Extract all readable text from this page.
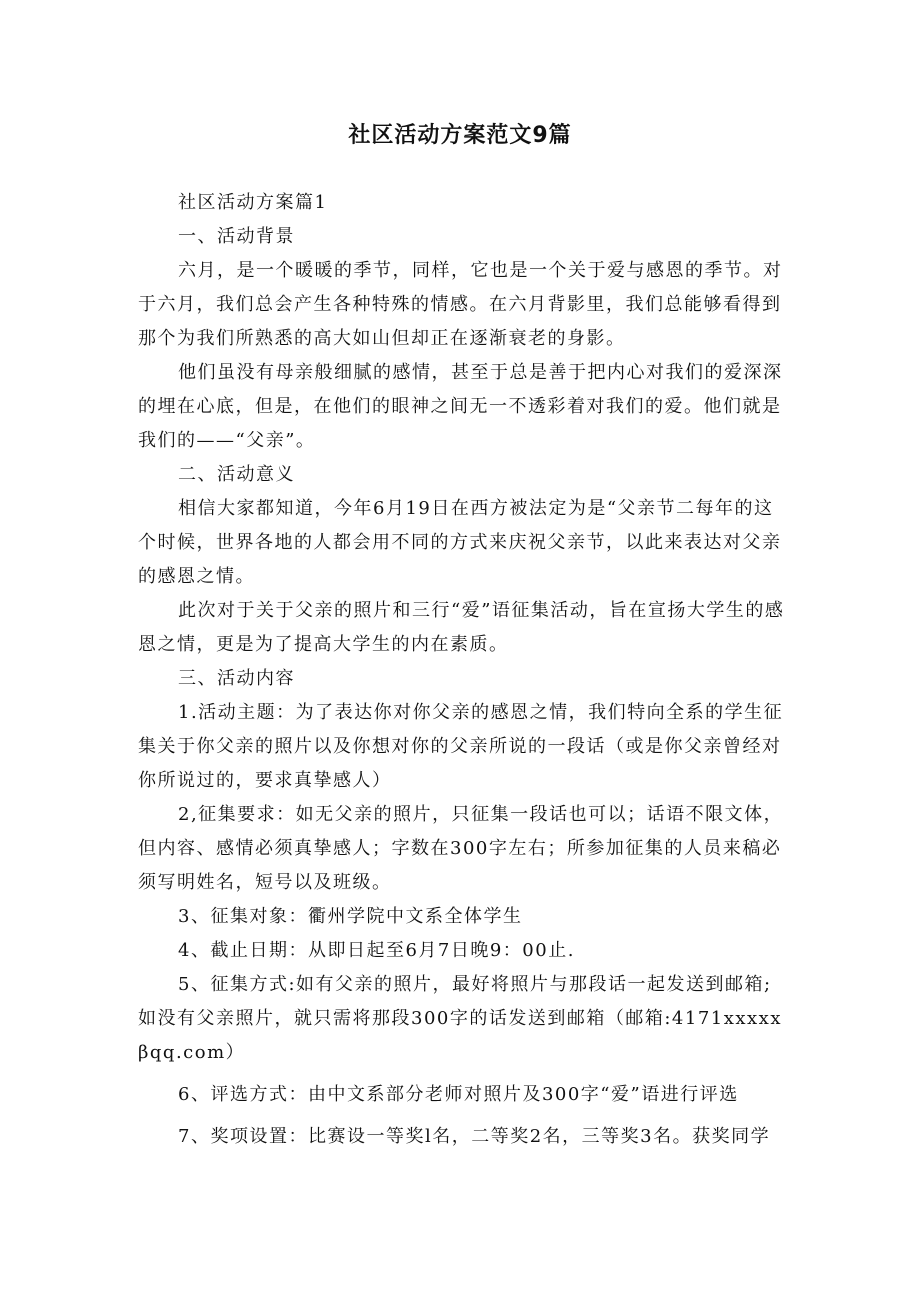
社区活动方案范文9篇

社区活动方案篇1

一、活动背景

六月，是一个暖暖的季节，同样，它也是一个关于爱与感恩的季节。对于六月，我们总会产生各种特殊的情感。在六月背影里，我们总能够看得到那个为我们所熟悉的高大如山但却正在逐渐衰老的身影。

他们虽没有母亲般细腻的感情，甚至于总是善于把内心对我们的爱深深的埋在心底，但是，在他们的眼神之间无一不透彩着对我们的爱。他们就是我们的——“父亲”。

二、活动意义

相信大家都知道，今年6月19日在西方被法定为是“父亲节二每年的这个时候，世界各地的人都会用不同的方式来庆祝父亲节，以此来表达对父亲的感恩之情。

此次对于关于父亲的照片和三行“爱”语征集活动，旨在宣扬大学生的感恩之情，更是为了提高大学生的内在素质。

三、活动内容

1.活动主题：为了表达你对你父亲的感恩之情，我们特向全系的学生征集关于你父亲的照片以及你想对你的父亲所说的一段话（或是你父亲曾经对你所说过的，要求真挚感人）

2,征集要求：如无父亲的照片，只征集一段话也可以；话语不限文体，但内容、感情必须真挚感人；字数在300字左右；所参加征集的人员来稿必须写明姓名，短号以及班级。

3、征集对象：衢州学院中文系全体学生

4、截止日期：从即日起至6月7日晚9：00止.

5、征集方式:如有父亲的照片，最好将照片与那段话一起发送到邮箱;如没有父亲照片，就只需将那段300字的话发送到邮箱（邮箱:4171xxxxxβqq.com）

6、评选方式：由中文系部分老师对照片及300字“爱”语进行评选

7、奖项设置：比赛设一等奖l名，二等奖2名，三等奖3名。获奖同学
